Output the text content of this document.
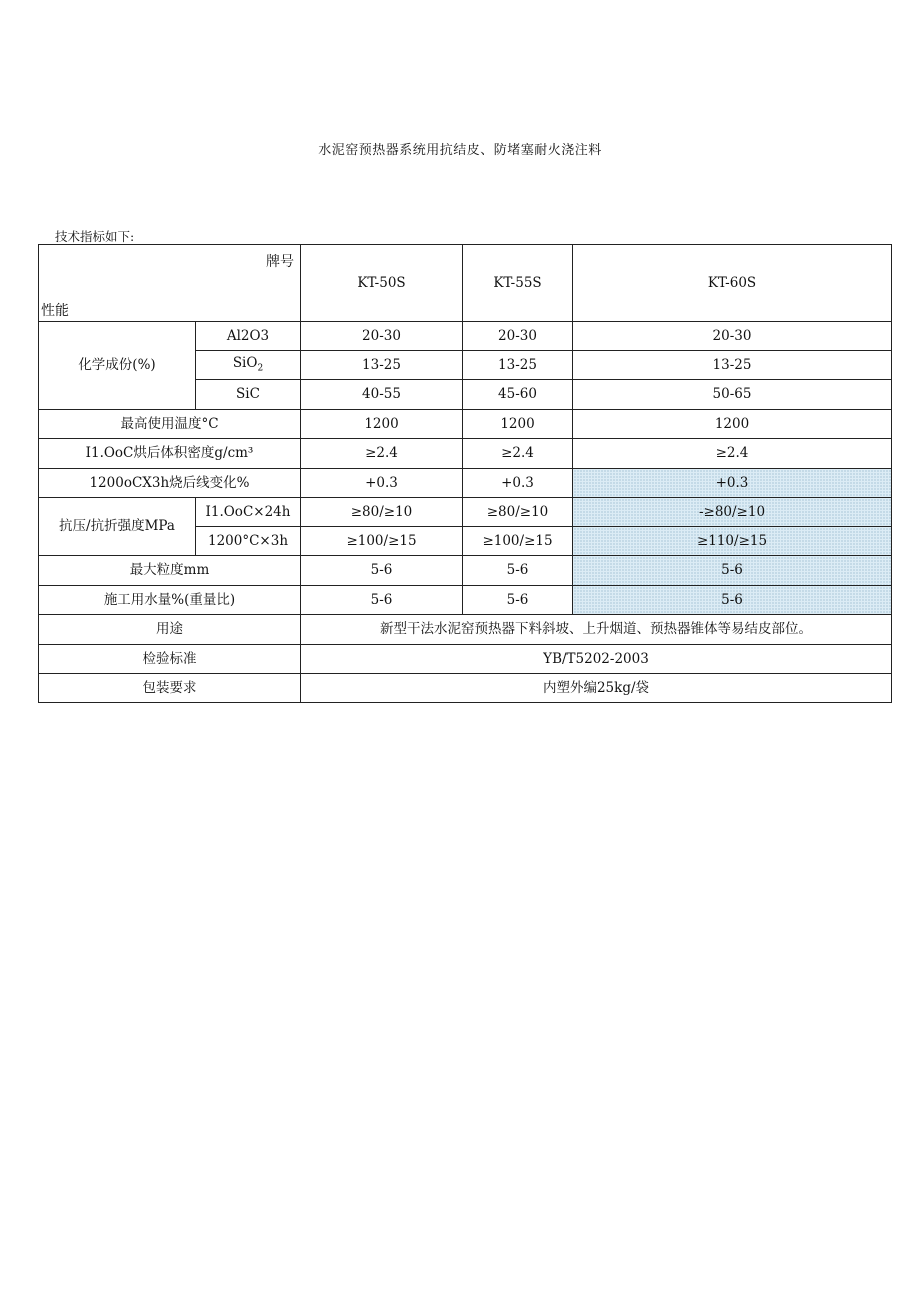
水泥窑预热器系统用抗结皮、防堵塞耐火浇注料
技术指标如下:
牌号
性能		KT-50S	KT-55S	KT-60S
化学成份(%)	Al2O3	20-30	20-30	20-30
	SiO$_2$	13-25	13-25	13-25
	SiC	40-55	45-60	50-65
最高使用温度°C		1200	1200	1200
I1.OoC烘后体积密度g/cm³		≥2.4	≥2.4	≥2.4
1200oCX3h烧后线变化%		+0.3	+0.3	+0.3
抗压/抗折强度MPa	I1.OoC×24h	≥80/≥10	≥80/≥10	-≥80/≥10
	1200°C×3h	≥100/≥15	≥100/≥15	≥110/≥15
最大粒度mm		5-6	5-6	5-6
施工用水量%(重量比)		5-6	5-6	5-6
用途		新型干法水泥窑预热器下料斜坡、上升烟道、预热器锥体等易结皮部位。		
检验标准		YB/T5202-2003		
包装要求		内塑外编25kg/袋		
